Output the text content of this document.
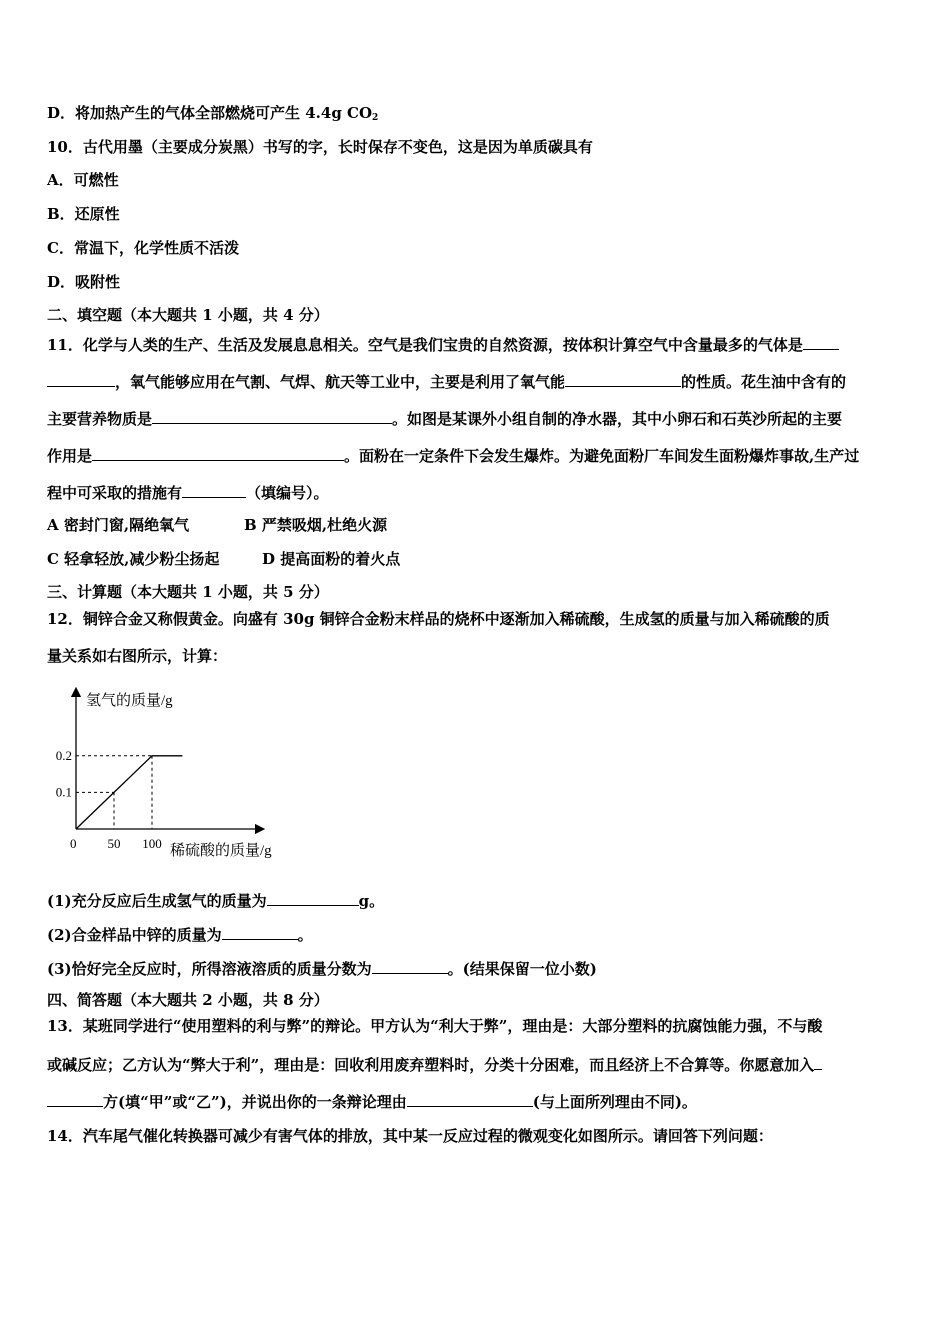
D．将加热产生的气体全部燃烧可产生 4.4g $CO_2$
10．古代用墨（主要成分炭黑）书写的字，长时保存不变色，这是因为单质碳具有
A．可燃性
B．还原性
C．常温下，化学性质不活泼
D．吸附性
二、填空题（本大题共 1 小题，共 4 分）
11．化学与人类的生产、生活及发展息息相关。空气是我们宝贵的自然资源，按体积计算空气中含量最多的气体是
，氧气能够应用在气割、气焊、航天等工业中，主要是利用了氧气能	的性质。花生油中含有的
主要营养物质是	。如图是某课外小组自制的净水器，其中小卵石和石英沙所起的主要
作用是	。面粉在一定条件下会发生爆炸。为避免面粉厂车间发生面粉爆炸事故,生产过
程中可采取的措施有	（填编号）。
A 密封门窗,隔绝氧气	B 严禁吸烟,杜绝火源
C 轻拿轻放,减少粉尘扬起	D 提高面粉的着火点
三、计算题（本大题共 1 小题，共 5 分）
12．铜锌合金又称假黄金。向盛有 30g 铜锌合金粉末样品的烧杯中逐渐加入稀硫酸，生成氢的质量与加入稀硫酸的质
量关系如右图所示，计算：
氢气的质量/g
稀硫酸的质量/g
0 50 100
0.1
0.2
(1)充分反应后生成氢气的质量为	g。
(2)合金样品中锌的质量为	。
(3)恰好完全反应时，所得溶液溶质的质量分数为	。(结果保留一位小数)
四、简答题（本大题共 2 小题，共 8 分）
13．某班同学进行“使用塑料的利与弊”的辩论。甲方认为“利大于弊”，理由是：大部分塑料的抗腐蚀能力强，不与酸
或碱反应；乙方认为“弊大于利”，理由是：回收利用废弃塑料时，分类十分困难，而且经济上不合算等。你愿意加入
方(填“甲”或“乙”)，并说出你的一条辩论理由	(与上面所列理由不同)。
14．汽车尾气催化转换器可减少有害气体的排放，其中某一反应过程的微观变化如图所示。请回答下列问题：
